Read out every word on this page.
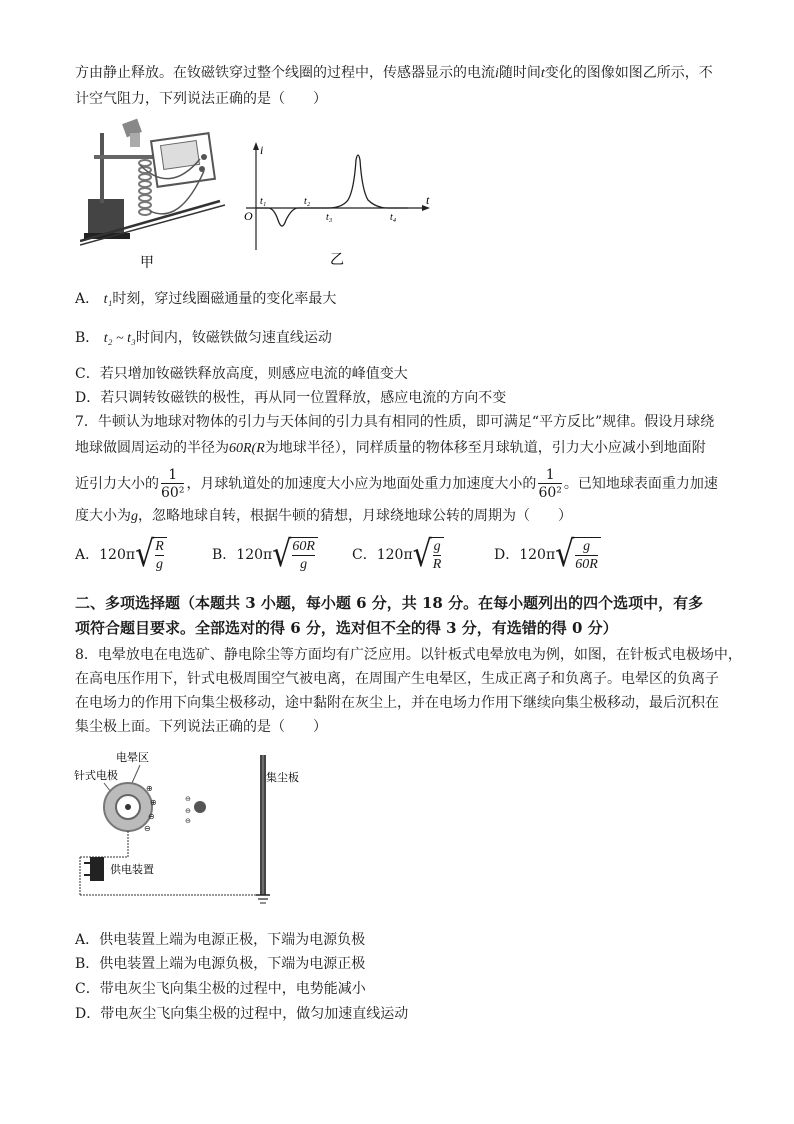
方由静止释放。在钕磁铁穿过整个线圈的过程中，传感器显示的电流i随时间t变化的图像如图乙所示，不
计空气阻力，下列说法正确的是（　　）
甲
i
t
O
t₁	t₂
t₃	t₄
乙
A． t₁时刻，穿过线圈磁通量的变化率最大
B． t₂ ~ t₃时间内，钕磁铁做匀速直线运动
C．若只增加钕磁铁释放高度，则感应电流的峰值变大
D．若只调转钕磁铁的极性，再从同一位置释放，感应电流的方向不变
7．牛顿认为地球对物体的引力与天体间的引力具有相同的性质，即可满足“平方反比”规律。假设月球绕
地球做圆周运动的半径为60R(R为地球半径），同样质量的物体移至月球轨道，引力大小应减小到地面附
近引力大小的 $\frac{1}{\text{60²}}$ ，月球轨道处的加速度大小应为地面处重力加速度大小的 $\frac{1}{\text{60²}}$ 。已知地球表面重力加速
度大小为g，忽略地球自转，根据牛顿的猜想，月球绕地球公转的周期为（　　）
A．120π√
$\frac{R}{g}$	B．120π√
$\frac{60R}{g}$ C．120π√
$\frac{g}{R}$	D．120π√
$\frac{g}{60R}$
二、多项选择题（本题共 3 小题，每小题 6 分，共 18 分。在每小题列出的四个选项中，有多
项符合题目要求。全部选对的得 6 分，选对但不全的得 3 分，有选错的得 0 分）
8．电晕放电在电选矿、静电除尘等方面均有广泛应用。以针板式电晕放电为例，如图，在针板式电极场中，
在高电压作用下，针式电极周围空气被电离，在周围产生电晕区，生成正离子和负离子。电晕区的负离子
在电场力的作用下向集尘极移动，途中黏附在灰尘上，并在电场力作用下继续向集尘极移动，最后沉积在
集尘极上面。下列说法正确的是（　　）
电晕区
针式电极	集尘板
供电装置
⊕
⊕
⊖
⊖
⊖
⊖
⊖
A．供电装置上端为电源正极，下端为电源负极
B．供电装置上端为电源负极，下端为电源正极
C．带电灰尘飞向集尘极的过程中，电势能减小
D．带电灰尘飞向集尘极的过程中，做匀加速直线运动
